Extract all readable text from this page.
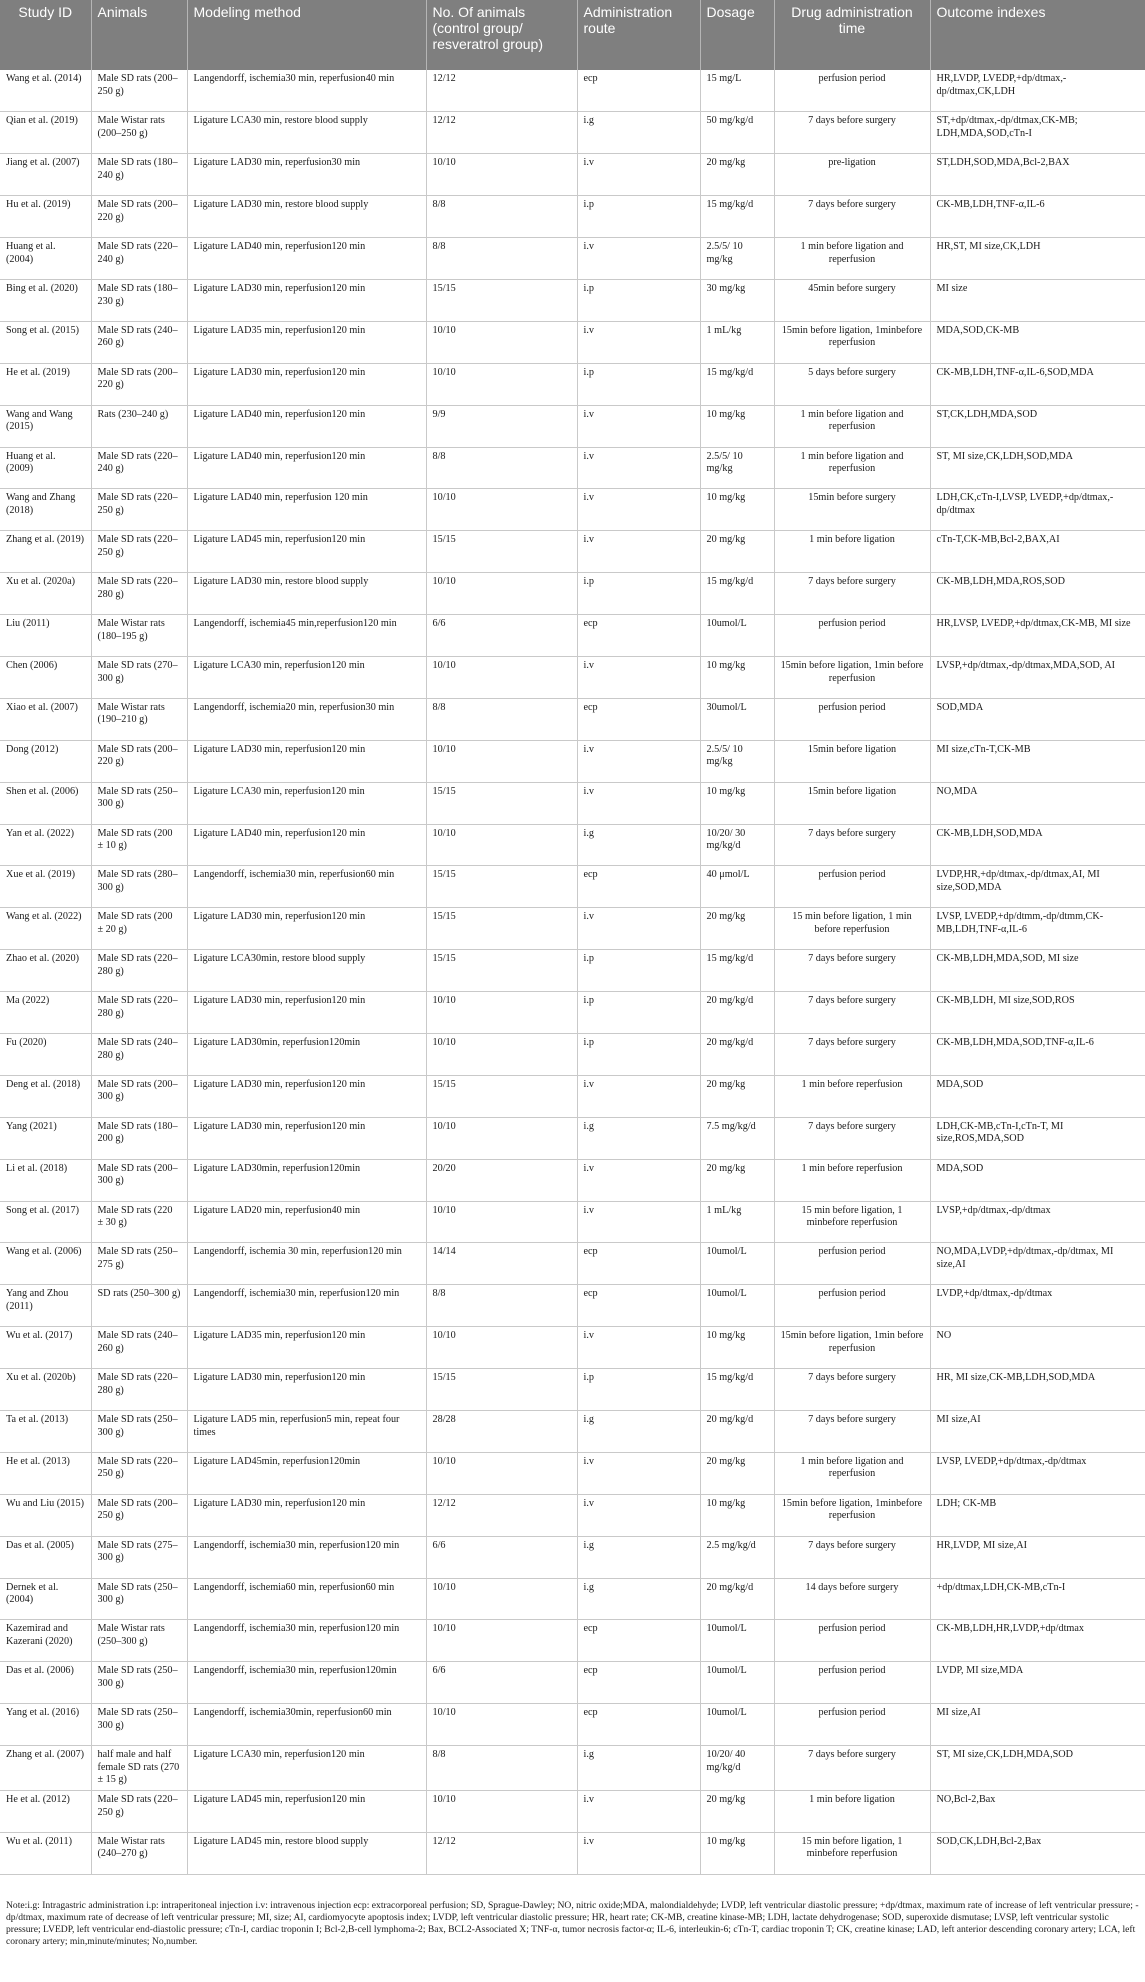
Study ID	Animals	Modeling method	No. Of animals (control group/ resveratrol group)	Administration route	Dosage	Drug administration time	Outcome indexes
Wang et al. (2014)	Male SD rats (200–250 g)	Langendorff, ischemia30 min, reperfusion40 min	12/12	ecp	15 mg/L	perfusion period	HR,LVDP, LVEDP,+dp/dtmax,-dp/dtmax,CK,LDH
Qian et al. (2019)	Male Wistar rats (200–250 g)	Ligature LCA30 min, restore blood supply	12/12	i.g	50 mg/kg/d	7 days before surgery	ST,+dp/dtmax,-dp/dtmax,CK-MB; LDH,MDA,SOD,cTn-I
Jiang et al. (2007)	Male SD rats (180–240 g)	Ligature LAD30 min, reperfusion30 min	10/10	i.v	20 mg/kg	pre-ligation	ST,LDH,SOD,MDA,Bcl-2,BAX
Hu et al. (2019)	Male SD rats (200–220 g)	Ligature LAD30 min, restore blood supply	8/8	i.p	15 mg/kg/d	7 days before surgery	CK-MB,LDH,TNF-α,IL-6
Huang et al. (2004)	Male SD rats (220–240 g)	Ligature LAD40 min, reperfusion120 min	8/8	i.v	2.5/5/ 10 mg/kg	1 min before ligation and reperfusion	HR,ST, MI size,CK,LDH
Bing et al. (2020)	Male SD rats (180–230 g)	Ligature LAD30 min, reperfusion120 min	15/15	i.p	30 mg/kg	45min before surgery	MI size
Song et al. (2015)	Male SD rats (240–260 g)	Ligature LAD35 min, reperfusion120 min	10/10	i.v	1 mL/kg	15min before ligation, 1minbefore reperfusion	MDA,SOD,CK-MB
He et al. (2019)	Male SD rats (200–220 g)	Ligature LAD30 min, reperfusion120 min	10/10	i.p	15 mg/kg/d	5 days before surgery	CK-MB,LDH,TNF-α,IL-6,SOD,MDA
Wang and Wang (2015)	Rats (230–240 g)	Ligature LAD40 min, reperfusion120 min	9/9	i.v	10 mg/kg	1 min before ligation and reperfusion	ST,CK,LDH,MDA,SOD
Huang et al. (2009)	Male SD rats (220–240 g)	Ligature LAD40 min, reperfusion120 min	8/8	i.v	2.5/5/ 10 mg/kg	1 min before ligation and reperfusion	ST, MI size,CK,LDH,SOD,MDA
Wang and Zhang (2018)	Male SD rats (220–250 g)	Ligature LAD40 min, reperfusion 120 min	10/10	i.v	10 mg/kg	15min before surgery	LDH,CK,cTn-I,LVSP, LVEDP,+dp/dtmax,-dp/dtmax
Zhang et al. (2019)	Male SD rats (220–250 g)	Ligature LAD45 min, reperfusion120 min	15/15	i.v	20 mg/kg	1 min before ligation	cTn-T,CK-MB,Bcl-2,BAX,AI
Xu et al. (2020a)	Male SD rats (220–280 g)	Ligature LAD30 min, restore blood supply	10/10	i.p	15 mg/kg/d	7 days before surgery	CK-MB,LDH,MDA,ROS,SOD
Liu (2011)	Male Wistar rats (180–195 g)	Langendorff, ischemia45 min,reperfusion120 min	6/6	ecp	10umol/L	perfusion period	HR,LVSP, LVEDP,+dp/dtmax,CK-MB, MI size
Chen (2006)	Male SD rats (270–300 g)	Ligature LCA30 min, reperfusion120 min	10/10	i.v	10 mg/kg	15min before ligation, 1min before reperfusion	LVSP,+dp/dtmax,-dp/dtmax,MDA,SOD, AI
Xiao et al. (2007)	Male Wistar rats (190–210 g)	Langendorff, ischemia20 min, reperfusion30 min	8/8	ecp	30umol/L	perfusion period	SOD,MDA
Dong (2012)	Male SD rats (200–220 g)	Ligature LAD30 min, reperfusion120 min	10/10	i.v	2.5/5/ 10 mg/kg	15min before ligation	MI size,cTn-T,CK-MB
Shen et al. (2006)	Male SD rats (250–300 g)	Ligature LCA30 min, reperfusion120 min	15/15	i.v	10 mg/kg	15min before ligation	NO,MDA
Yan et al. (2022)	Male SD rats (200 ± 10 g)	Ligature LAD40 min, reperfusion120 min	10/10	i.g	10/20/ 30 mg/kg/d	7 days before surgery	CK-MB,LDH,SOD,MDA
Xue et al. (2019)	Male SD rats (280–300 g)	Langendorff, ischemia30 min, reperfusion60 min	15/15	ecp	40 μmol/L	perfusion period	LVDP,HR,+dp/dtmax,-dp/dtmax,AI, MI size,SOD,MDA
Wang et al. (2022)	Male SD rats (200 ± 20 g)	Ligature LAD30 min, reperfusion120 min	15/15	i.v	20 mg/kg	15 min before ligation, 1 min before reperfusion	LVSP, LVEDP,+dp/dtmm,-dp/dtmm,CK-MB,LDH,TNF-α,IL-6
Zhao et al. (2020)	Male SD rats (220–280 g)	Ligature LCA30min, restore blood supply	15/15	i.p	15 mg/kg/d	7 days before surgery	CK-MB,LDH,MDA,SOD, MI size
Ma (2022)	Male SD rats (220–280 g)	Ligature LAD30 min, reperfusion120 min	10/10	i.p	20 mg/kg/d	7 days before surgery	CK-MB,LDH, MI size,SOD,ROS
Fu (2020)	Male SD rats (240–280 g)	Ligature LAD30min, reperfusion120min	10/10	i.p	20 mg/kg/d	7 days before surgery	CK-MB,LDH,MDA,SOD,TNF-α,IL-6
Deng et al. (2018)	Male SD rats (200–300 g)	Ligature LAD30 min, reperfusion120 min	15/15	i.v	20 mg/kg	1 min before reperfusion	MDA,SOD
Yang (2021)	Male SD rats (180–200 g)	Ligature LAD30 min, reperfusion120 min	10/10	i.g	7.5 mg/kg/d	7 days before surgery	LDH,CK-MB,cTn-I,cTn-T, MI size,ROS,MDA,SOD
Li et al. (2018)	Male SD rats (200–300 g)	Ligature LAD30min, reperfusion120min	20/20	i.v	20 mg/kg	1 min before reperfusion	MDA,SOD
Song et al. (2017)	Male SD rats (220 ± 30 g)	Ligature LAD20 min, reperfusion40 min	10/10	i.v	1 mL/kg	15 min before ligation, 1 minbefore reperfusion	LVSP,+dp/dtmax,-dp/dtmax
Wang et al. (2006)	Male SD rats (250–275 g)	Langendorff, ischemia 30 min, reperfusion120 min	14/14	ecp	10umol/L	perfusion period	NO,MDA,LVDP,+dp/dtmax,-dp/dtmax, MI size,AI
Yang and Zhou (2011)	SD rats (250–300 g)	Langendorff, ischemia30 min, reperfusion120 min	8/8	ecp	10umol/L	perfusion period	LVDP,+dp/dtmax,-dp/dtmax
Wu et al. (2017)	Male SD rats (240–260 g)	Ligature LAD35 min, reperfusion120 min	10/10	i.v	10 mg/kg	15min before ligation, 1min before reperfusion	NO
Xu et al. (2020b)	Male SD rats (220–280 g)	Ligature LAD30 min, reperfusion120 min	15/15	i.p	15 mg/kg/d	7 days before surgery	HR, MI size,CK-MB,LDH,SOD,MDA
Ta et al. (2013)	Male SD rats (250–300 g)	Ligature LAD5 min, reperfusion5 min, repeat four times	28/28	i.g	20 mg/kg/d	7 days before surgery	MI size,AI
He et al. (2013)	Male SD rats (220–250 g)	Ligature LAD45min, reperfusion120min	10/10	i.v	20 mg/kg	1 min before ligation and reperfusion	LVSP, LVEDP,+dp/dtmax,-dp/dtmax
Wu and Liu (2015)	Male SD rats (200–250 g)	Ligature LAD30 min, reperfusion120 min	12/12	i.v	10 mg/kg	15min before ligation, 1minbefore reperfusion	LDH; CK-MB
Das et al. (2005)	Male SD rats (275–300 g)	Langendorff, ischemia30 min, reperfusion120 min	6/6	i.g	2.5 mg/kg/d	7 days before surgery	HR,LVDP, MI size,AI
Dernek et al. (2004)	Male SD rats (250–300 g)	Langendorff, ischemia60 min, reperfusion60 min	10/10	i.g	20 mg/kg/d	14 days before surgery	+dp/dtmax,LDH,CK-MB,cTn-I
Kazemirad and Kazerani (2020)	Male Wistar rats (250–300 g)	Langendorff, ischemia30 min, reperfusion120 min	10/10	ecp	10umol/L	perfusion period	CK-MB,LDH,HR,LVDP,+dp/dtmax
Das et al. (2006)	Male SD rats (250–300 g)	Langendorff, ischemia30 min, reperfusion120min	6/6	ecp	10umol/L	perfusion period	LVDP, MI size,MDA
Yang et al. (2016)	Male SD rats (250–300 g)	Langendorff, ischemia30min, reperfusion60 min	10/10	ecp	10umol/L	perfusion period	MI size,AI
Zhang et al. (2007)	half male and half female SD rats (270 ± 15 g)	Ligature LCA30 min, reperfusion120 min	8/8	i.g	10/20/ 40 mg/kg/d	7 days before surgery	ST, MI size,CK,LDH,MDA,SOD
He et al. (2012)	Male SD rats (220–250 g)	Ligature LAD45 min, reperfusion120 min	10/10	i.v	20 mg/kg	1 min before ligation	NO,Bcl-2,Bax
Wu et al. (2011)	Male Wistar rats (240–270 g)	Ligature LAD45 min, restore blood supply	12/12	i.v	10 mg/kg	15 min before ligation, 1 minbefore reperfusion	SOD,CK,LDH,Bcl-2,Bax
Note:i.g: Intragastric administration i.p: intraperitoneal injection i.v: intravenous injection ecp: extracorporeal perfusion; SD, Sprague-Dawley; NO, nitric oxide;MDA, malondialdehyde; LVDP, left ventricular diastolic pressure; +dp/dtmax, maximum rate of increase of left ventricular pressure; -dp/dtmax, maximum rate of decrease of left ventricular pressure; MI, size; AI, cardiomyocyte apoptosis index; LVDP, left ventricular diastolic pressure; HR, heart rate; CK-MB, creatine kinase-MB; LDH, lactate dehydrogenase; SOD, superoxide dismutase; LVSP, left ventricular systolic pressure; LVEDP, left ventricular end-diastolic pressure; cTn-I, cardiac troponin I; Bcl-2,B-cell lymphoma-2; Bax, BCL2-Associated X; TNF-α, tumor necrosis factor-α; IL-6, interleukin-6; cTn-T, cardiac troponin T; CK, creatine kinase; LAD, left anterior descending coronary artery; LCA, left coronary artery; min,minute/minutes; No,number.
